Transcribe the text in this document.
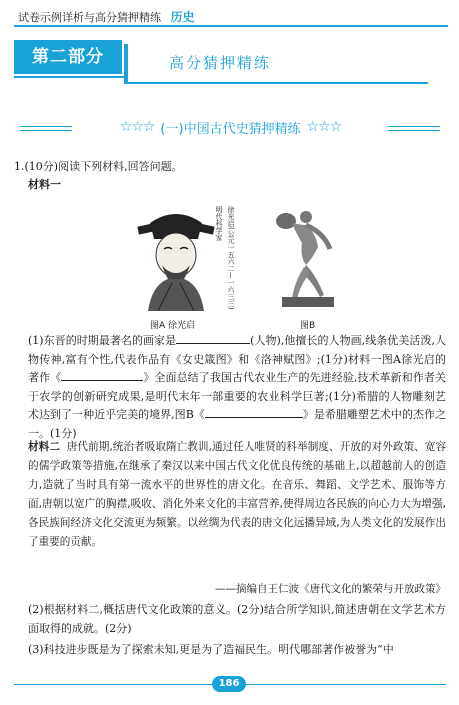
试卷示例详析与高分猜押精练 历史
第二部分	高分猜押精练
☆☆☆ (一)中国古代史猜押精练 ☆☆☆
1.(10分)阅读下列材料,回答问题。
材料一
明代科学家 徐光启(公元一五六二—一六三三)
图A 徐光启	图B
(1)东晋的时期最著名的画家是	(人物),他擅长的人物画,线条优美活泼,人物传神,富有个性,代表作品有《女史箴图》和《洛神赋图》;(1分)材料一图A徐光启的著作《	》全面总结了我国古代农业生产的先进经验,技术革新和作者关于农学的创新研究成果,是明代末年一部重要的农业科学巨著;(1分)希腊的人物雕刻艺术达到了一种近乎完美的境界,图B《	》是希腊雕塑艺术中的杰作之一。(1分)
材料二 唐代前期,统治者吸取隋亡教训,通过任人唯贤的科举制度、开放的对外政策、宽容的儒学政策等措施,在继承了秦汉以来中国古代文化优良传统的基础上,以超越前人的创造力,造就了当时具有第一流水平的世界性的唐文化。在音乐、舞蹈、文学艺术、服饰等方面,唐朝以宽广的胸襟,吸收、消化外来文化的丰富营养,使得周边各民族的向心力大为增强,各民族间经济文化交流更为频繁。以丝绸为代表的唐文化远播异域,为人类文化的发展作出了重要的贡献。
——摘编自王仁波《唐代文化的繁荣与开放政策》
(2)根据材料二,概括唐代文化政策的意义。(2分)结合所学知识,简述唐朝在文学艺术方面取得的成就。(2分)
(3)科技进步既是为了探索未知,更是为了造福民生。明代哪部著作被誉为“中
186
